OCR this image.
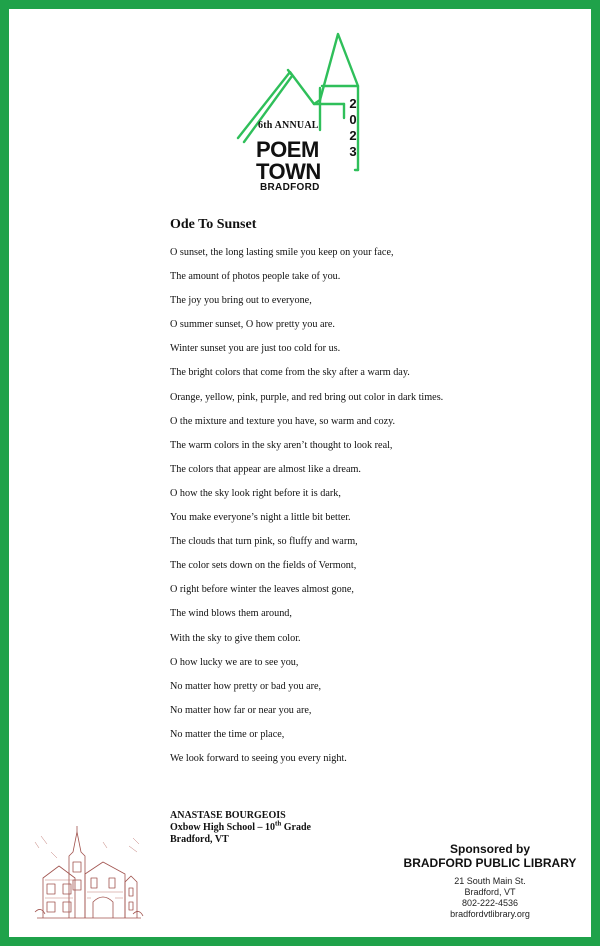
6th ANNUAL
2
0
2
3
POEM
TOWN
BRADFORD
Ode To Sunset
O sunset, the long lasting smile you keep on your face,
The amount of photos people take of you.
The joy you bring out to everyone,
O summer sunset, O how pretty you are.
Winter sunset you are just too cold for us.
The bright colors that come from the sky after a warm day.
Orange, yellow, pink, purple, and red bring out color in dark times.
O the mixture and texture you have, so warm and cozy.
The warm colors in the sky aren’t thought to look real,
The colors that appear are almost like a dream.
O how the sky look right before it is dark,
You make everyone’s night a little bit better.
The clouds that turn pink, so fluffy and warm,
The color sets down on the fields of Vermont,
O right before winter the leaves almost gone,
The wind blows them around,
With the sky to give them color.
O how lucky we are to see you,
No matter how pretty or bad you are,
No matter how far or near you are,
No matter the time or place,
We look forward to seeing you every night.
ANASTASE BOURGEOIS
Oxbow High School – 10th Grade
Bradford, VT
Sponsored by
BRADFORD PUBLIC LIBRARY
21 South Main St.
Bradford, VT
802-222-4536
bradfordvtlibrary.org
